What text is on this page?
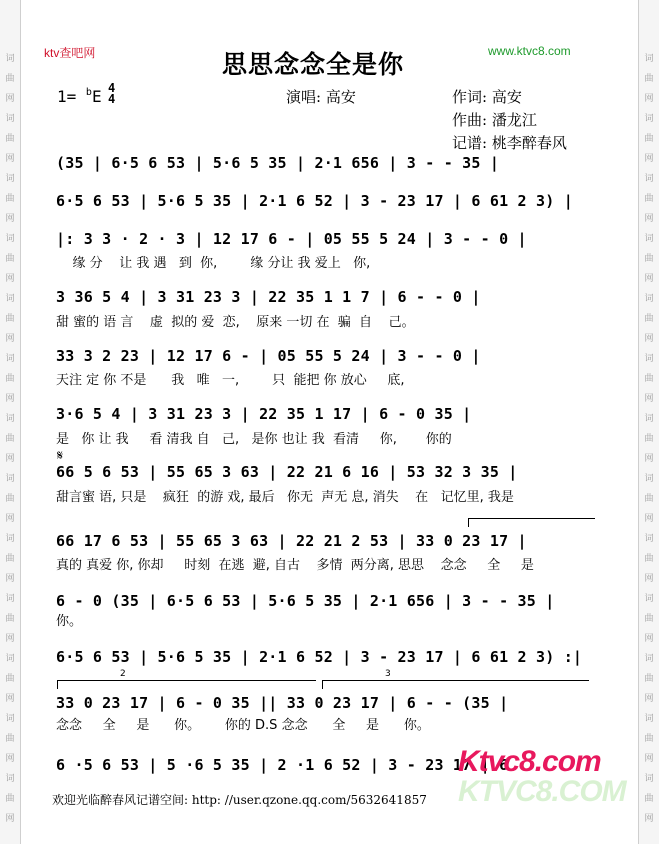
词
曲
网
词
曲
网
词
曲
网
词
曲
网
词
曲
网
词
曲
网
词
曲
网
词
曲
网
词
曲
网
词
曲
网
词
曲
网
词
曲
网
词
曲
网
词
曲
网
词
曲
网
词
曲
网
词
曲
网
词
曲
网
词
曲
网
词
曲
网
词
曲
网
词
曲
网
词
曲
网
词
曲
网
词
曲
网
词
曲
网
ktv查吧网	www.ktvc8.com
思思念念全是你
1= $^b$E 4
4	演唱: 高安	作词: 高安
作曲: 潘龙江
记谱: 桃李醉春风
(35 | 6·5 6 53 | 5·6 5 35 | 2·1 656 | 3 - - 35 |
6·5 6 53 | 5·6 5 35 | 2·1 6 52 | 3 - 23 17 | 6 61 2 3) |
|: 3 3 · 2 · 3 | 12 17 6 - | 05 55 5 24 | 3 - - 0 |
缘 分    让 我 遇   到  你,        缘 分让 我 爱上   你,
3 36 5 4 | 3 31 23 3 | 22 35 1 1 7 | 6 - - 0 |
甜 蜜的 语 言    虚  拟的 爱  恋,    原来 一切 在  骗  自    己。
33 3 2 23 | 12 17 6 - | 05 55 5 24 | 3 - - 0 |
天注 定 你 不是      我   唯   一,        只  能把 你 放心     底,
3·6 5 4 | 3 31 23 3 | 22 35 1 17 | 6 - 0 35 |
是   你 让 我     看 清我 自   己,   是你 也让 我  看清     你,       你的
𝄋
66 5 6 53 | 55 65 3 63 | 22 21 6 16 | 53 32 3 35 |
甜言蜜 语, 只是    疯狂  的游 戏, 最后   你无  声无 息, 消失    在   记忆里, 我是
66 17 6 53 | 55 65 3 63 | 22 21 2 53 | 33 0 23 17 |
真的 真爱 你, 你却     时刻  在逃  避, 自古    多情  两分离, 思思    念念     全     是
6 - 0 (35 | 6·5 6 53 | 5·6 5 35 | 2·1 656 | 3 - - 35 |
你。
6·5 6 53 | 5·6 5 35 | 2·1 6 52 | 3 - 23 17 | 6 61 2 3) :|
2	3
33 0 23 17 | 6 - 0 35 || 33 0 23 17 | 6 - - (35 |
念念     全     是      你。      你的 D.S 念念      全     是      你。
6 ·5 6 53 | 5 ·6 5 35 | 2 ·1 6 52 | 3 - 23 17 | 6
欢迎光临醉春风记谱空间: http: //user.qzone.qq.com/5632641857	KTVC8.COM
Ktvc8.com
